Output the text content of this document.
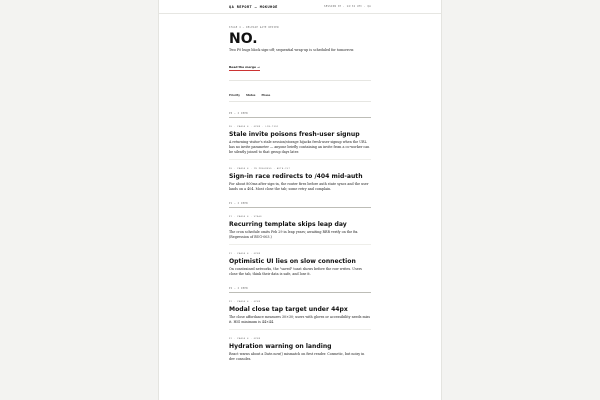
QA REPORT — MOKUHOE	SESSION 07 · 14:32 UTC · QA
STAGE 4 — RELEASE GATE REVIEW
NO.
Two P0 bugs block sign-off; sequential wrap-up is scheduled for tomorrow.
Read the merge →
Priority Status Phase
P0 — 2 OPEN
P0 · PHASE 4 · OPEN · LIB-7391
Stale invite poisons fresh-user signup
A returning visitor's stale session/storage hijacks fresh-user signup when the URL has no invite parameter — anyone briefly containing an invite from a co-worker can be silently joined to that group days later.
P0 · PHASE 4 · IN PROGRESS · AUTH-7G7
Sign-in race redirects to /404 mid-auth
For about 800ms after sign-in, the router fires before auth state syncs and the user lands on a 404. Most close the tab; some retry and complain.
P1 — 2 OPEN
P1 · PHASE 4 · STAGE
Recurring template skips leap day
The cron schedule omits Feb 29 in leap years; awaiting RRR verify on the fix. (Regression of BUG-003.)
P1 · PHASE 4 · OPEN
Optimistic UI lies on slow connection
On constrained networks, the "saved" toast shows before the row writes. Users close the tab, think their data is safe, and lose it.
P2 — 2 OPEN
P2 · PHASE 4 · OPEN
Modal close tap target under 44px
The close affordance measures 30×30; users with gloves or accessibility needs miss it. HIG minimum is 44×44.
P2 · PHASE 4 · OPEN
Hydration warning on landing
React warns about a Date.now() mismatch on first render. Cosmetic, but noisy in dev consoles.
